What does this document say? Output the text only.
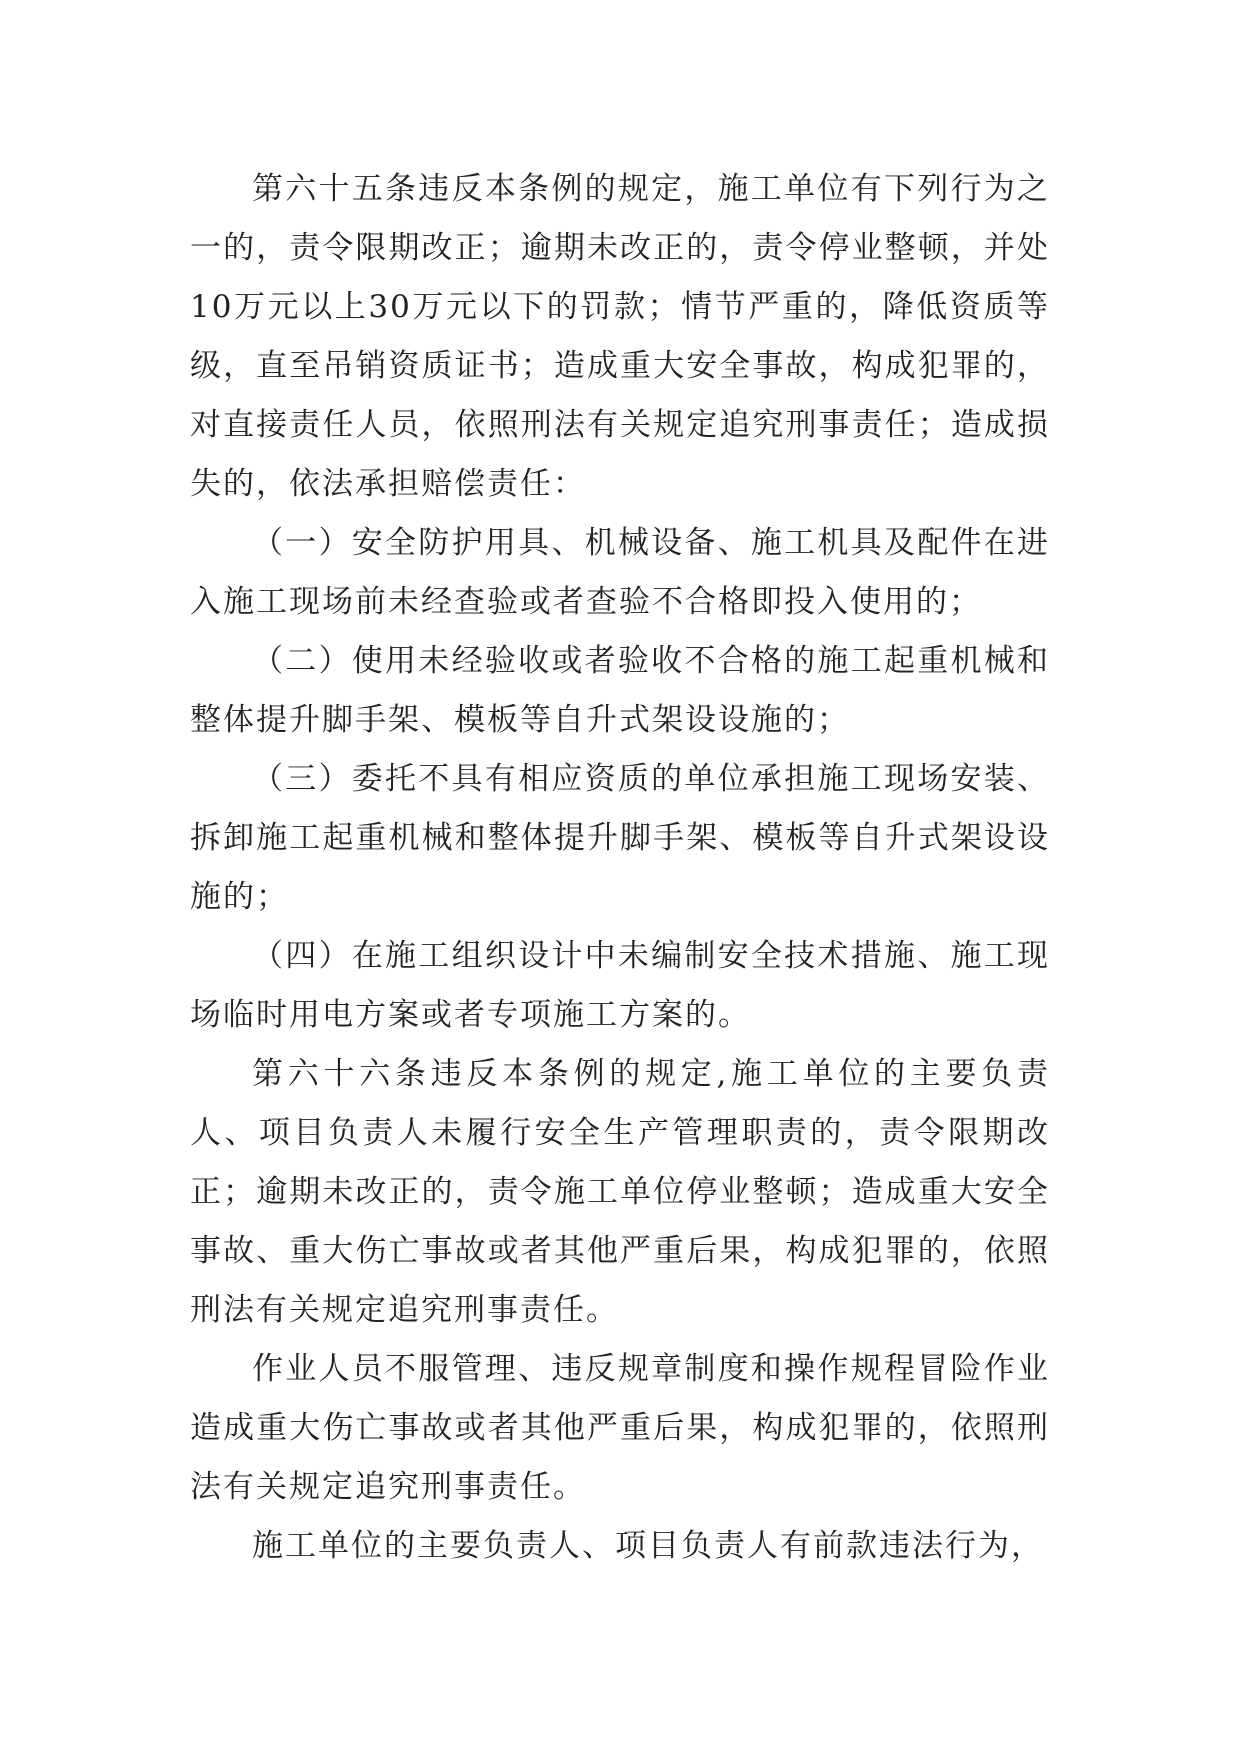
第六十五条违反本条例的规定，施工单位有下列行为之一的，责令限期改正；逾期未改正的，责令停业整顿，并处10万元以上30万元以下的罚款；情节严重的，降低资质等级，直至吊销资质证书；造成重大安全事故，构成犯罪的，对直接责任人员，依照刑法有关规定追究刑事责任；造成损失的，依法承担赔偿责任：

（一）安全防护用具、机械设备、施工机具及配件在进入施工现场前未经查验或者查验不合格即投入使用的；

（二）使用未经验收或者验收不合格的施工起重机械和整体提升脚手架、模板等自升式架设设施的；

（三）委托不具有相应资质的单位承担施工现场安装、拆卸施工起重机械和整体提升脚手架、模板等自升式架设设施的；

（四）在施工组织设计中未编制安全技术措施、施工现场临时用电方案或者专项施工方案的。

第六十六条违反本条例的规定,施工单位的主要负责人、项目负责人未履行安全生产管理职责的，责令限期改正；逾期未改正的，责令施工单位停业整顿；造成重大安全事故、重大伤亡事故或者其他严重后果，构成犯罪的，依照刑法有关规定追究刑事责任。

作业人员不服管理、违反规章制度和操作规程冒险作业造成重大伤亡事故或者其他严重后果，构成犯罪的，依照刑法有关规定追究刑事责任。

施工单位的主要负责人、项目负责人有前款违法行为，
